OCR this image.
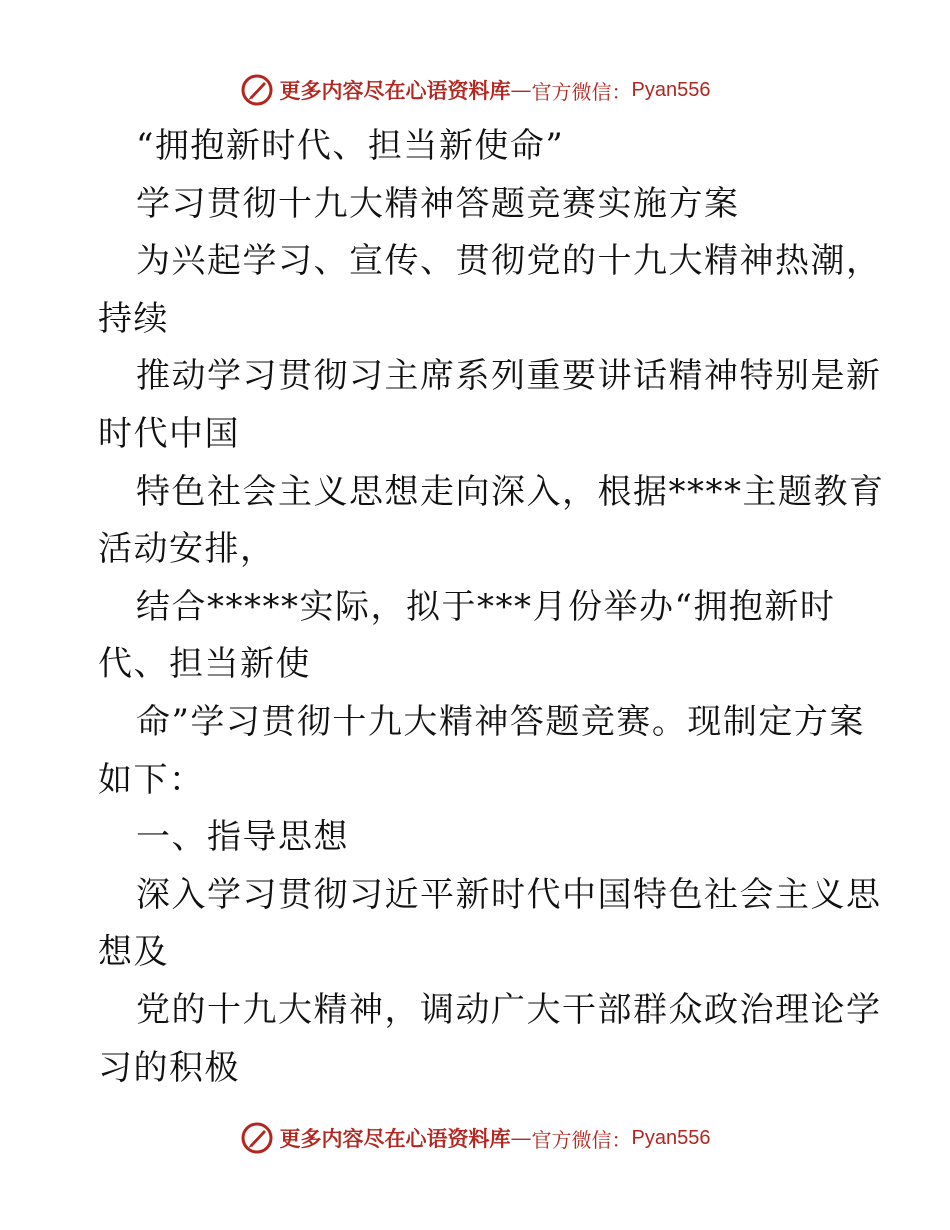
更多内容尽在心语资料库 — 官方微信： Pyan556
“拥抱新时代、担当新使命”
学习贯彻十九大精神答题竞赛实施方案
为兴起学习、宣传、贯彻党的十九大精神热潮，
持续
推动学习贯彻习主席系列重要讲话精神特别是新
时代中国
特色社会主义思想走向深入，根据****主题教育
活动安排，
结合*****实际，拟于***月份举办“拥抱新时
代、担当新使
命”学习贯彻十九大精神答题竞赛。现制定方案
如下：
一、指导思想
深入学习贯彻习近平新时代中国特色社会主义思
想及
党的十九大精神，调动广大干部群众政治理论学
习的积极
更多内容尽在心语资料库 — 官方微信： Pyan556
